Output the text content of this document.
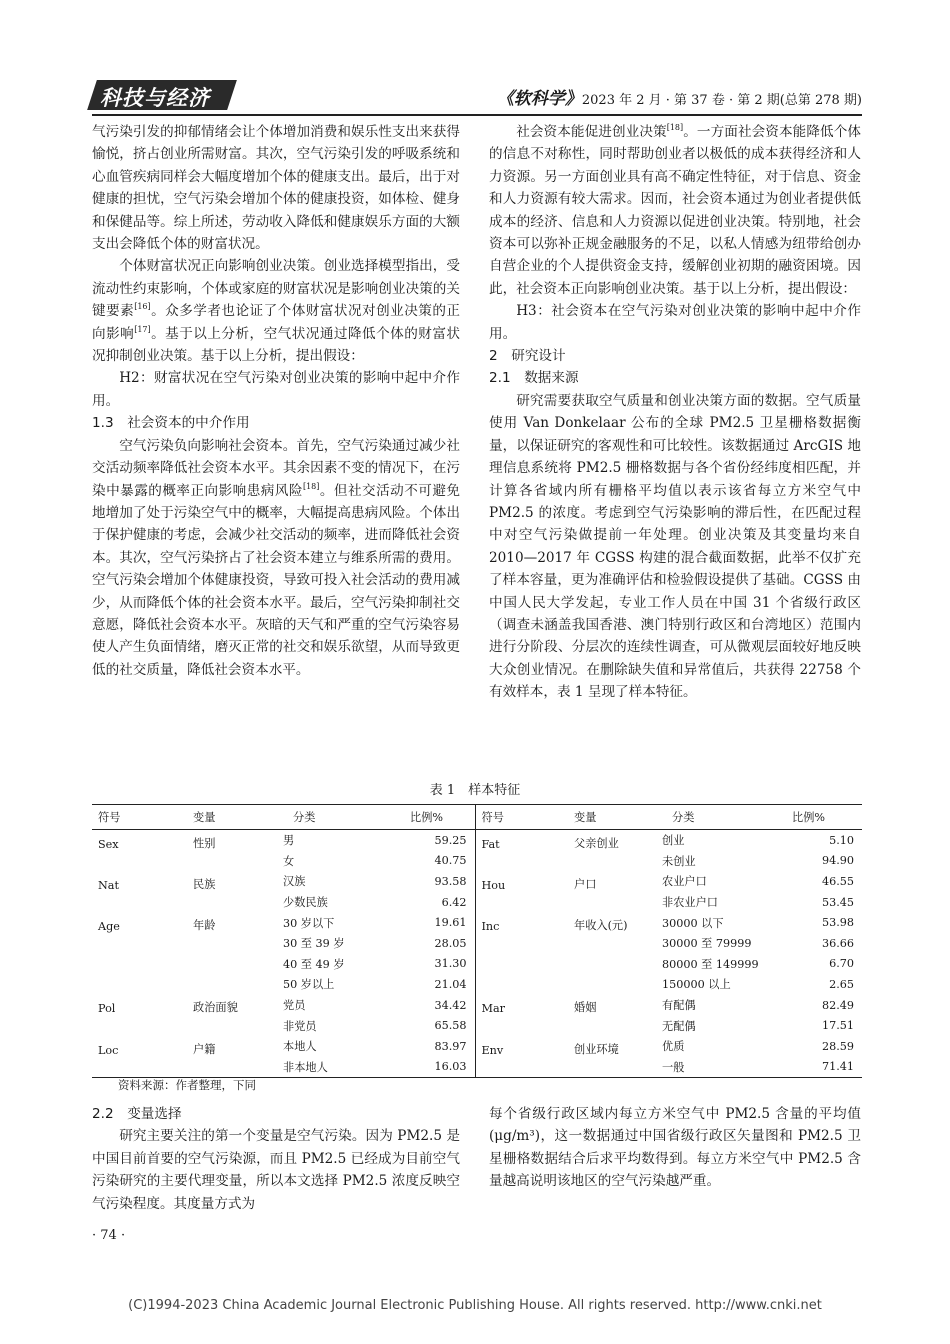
科技与经济	《软科学》2023 年 2 月 · 第 37 卷 · 第 2 期(总第 278 期)

气污染引发的抑郁情绪会让个体增加消费和娱乐性支出来获得愉悦，挤占创业所需财富。其次，空气污染引发的呼吸系统和心血管疾病同样会大幅度增加个体的健康支出。最后，出于对健康的担忧，空气污染会增加个体的健康投资，如体检、健身和保健品等。综上所述，劳动收入降低和健康娱乐方面的大额支出会降低个体的财富状况。

个体财富状况正向影响创业决策。创业选择模型指出，受流动性约束影响，个体或家庭的财富状况是影响创业决策的关键要素[16]。众多学者也论证了个体财富状况对创业决策的正向影响[17]。基于以上分析，空气状况通过降低个体的财富状况抑制创业决策。基于以上分析，提出假设：

H2：财富状况在空气污染对创业决策的影响中起中介作用。

1.3　社会资本的中介作用

空气污染负向影响社会资本。首先，空气污染通过减少社交活动频率降低社会资本水平。其余因素不变的情况下，在污染中暴露的概率正向影响患病风险[18]。但社交活动不可避免地增加了处于污染空气中的概率，大幅提高患病风险。个体出于保护健康的考虑，会减少社交活动的频率，进而降低社会资本。其次，空气污染挤占了社会资本建立与维系所需的费用。空气污染会增加个体健康投资，导致可投入社会活动的费用减少，从而降低个体的社会资本水平。最后，空气污染抑制社交意愿，降低社会资本水平。灰暗的天气和严重的空气污染容易使人产生负面情绪，磨灭正常的社交和娱乐欲望，从而导致更低的社交质量，降低社会资本水平。

社会资本能促进创业决策[18]。一方面社会资本能降低个体的信息不对称性，同时帮助创业者以极低的成本获得经济和人力资源。另一方面创业具有高不确定性特征，对于信息、资金和人力资源有较大需求。因而，社会资本通过为创业者提供低成本的经济、信息和人力资源以促进创业决策。特别地，社会资本可以弥补正规金融服务的不足，以私人情感为纽带给创办自营企业的个人提供资金支持，缓解创业初期的融资困境。因此，社会资本正向影响创业决策。基于以上分析，提出假设：

H3：社会资本在空气污染对创业决策的影响中起中介作用。

2　研究设计

2.1　数据来源

研究需要获取空气质量和创业决策方面的数据。空气质量使用 Van Donkelaar 公布的全球 PM2.5 卫星栅格数据衡量，以保证研究的客观性和可比较性。该数据通过 ArcGIS 地理信息系统将 PM2.5 栅格数据与各个省份经纬度相匹配，并计算各省域内所有栅格平均值以表示该省每立方米空气中 PM2.5 的浓度。考虑到空气污染影响的滞后性，在匹配过程中对空气污染做提前一年处理。创业决策及其变量均来自 2010—2017 年 CGSS 构建的混合截面数据，此举不仅扩充了样本容量，更为准确评估和检验假设提供了基础。CGSS 由中国人民大学发起，专业工作人员在中国 31 个省级行政区（调查未涵盖我国香港、澳门特别行政区和台湾地区）范围内进行分阶段、分层次的连续性调查，可从微观层面较好地反映大众创业情况。在删除缺失值和异常值后，共获得 22758 个有效样本，表 1 呈现了样本特征。

表 1　样本特征
符号	变量	分类	比例%	符号	变量	分类	比例%
Sex	性别	男	59.25	Fat	父亲创业	创业	5.10
		女	40.75			未创业	94.90
Nat	民族	汉族	93.58	Hou	户口	农业户口	46.55
		少数民族	6.42			非农业户口	53.45
Age	年龄	30 岁以下	19.61	Inc	年收入(元)	30000 以下	53.98
		30 至 39 岁	28.05			30000 至 79999	36.66
		40 至 49 岁	31.30			80000 至 149999	6.70
		50 岁以上	21.04			150000 以上	2.65
Pol	政治面貌	党员	34.42	Mar	婚姻	有配偶	82.49
		非党员	65.58			无配偶	17.51
Loc	户籍	本地人	83.97	Env	创业环境	优质	28.59
		非本地人	16.03			一般	71.41
资料来源：作者整理，下同

2.2　变量选择

研究主要关注的第一个变量是空气污染。因为 PM2.5 是中国目前首要的空气污染源，而且 PM2.5 已经成为目前空气污染研究的主要代理变量，所以本文选择 PM2.5 浓度反映空气污染程度。其度量方式为

每个省级行政区域内每立方米空气中 PM2.5 含量的平均值(μg/m³)，这一数据通过中国省级行政区矢量图和 PM2.5 卫星栅格数据结合后求平均数得到。每立方米空气中 PM2.5 含量越高说明该地区的空气污染越严重。

· 74 ·
(C)1994-2023 China Academic Journal Electronic Publishing House. All rights reserved. http://www.cnki.net
